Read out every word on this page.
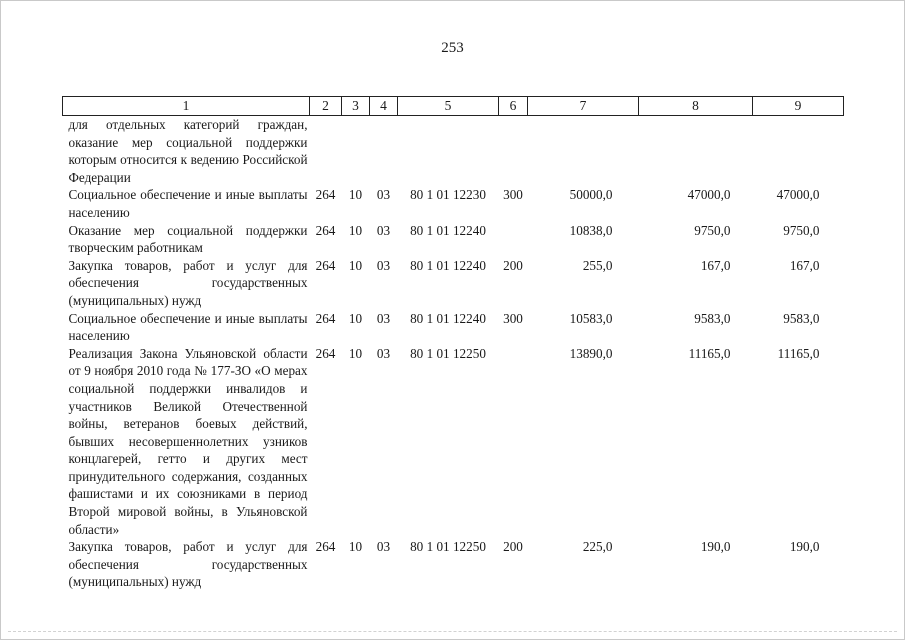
253
1	2	3	4	5	6	7	8	9
для отдельных категорий граждан, оказание мер социальной поддержки которым относится к ведению Российской Федерации								
Социальное обеспечение и иные выплаты населению	264	10	03	80 1 01 12230	300	50000,0	47000,0	47000,0
Оказание мер социальной поддержки творческим работникам	264	10	03	80 1 01 12240		10838,0	9750,0	9750,0
Закупка товаров, работ и услуг для обеспечения государственных (муниципальных) нужд	264	10	03	80 1 01 12240	200	255,0	167,0	167,0
Социальное обеспечение и иные выплаты населению	264	10	03	80 1 01 12240	300	10583,0	9583,0	9583,0
Реализация Закона Ульяновской области от 9 ноября 2010 года № 177-ЗО «О мерах социальной поддержки инвалидов и участников Великой Отечественной войны, ветеранов боевых действий, бывших несовершеннолетних узников концлагерей, гетто и других мест принудительного содержания, созданных фашистами и их союзниками в период Второй мировой войны, в Ульяновской области»	264	10	03	80 1 01 12250		13890,0	11165,0	11165,0
Закупка товаров, работ и услуг для обеспечения государственных (муниципальных) нужд	264	10	03	80 1 01 12250	200	225,0	190,0	190,0
